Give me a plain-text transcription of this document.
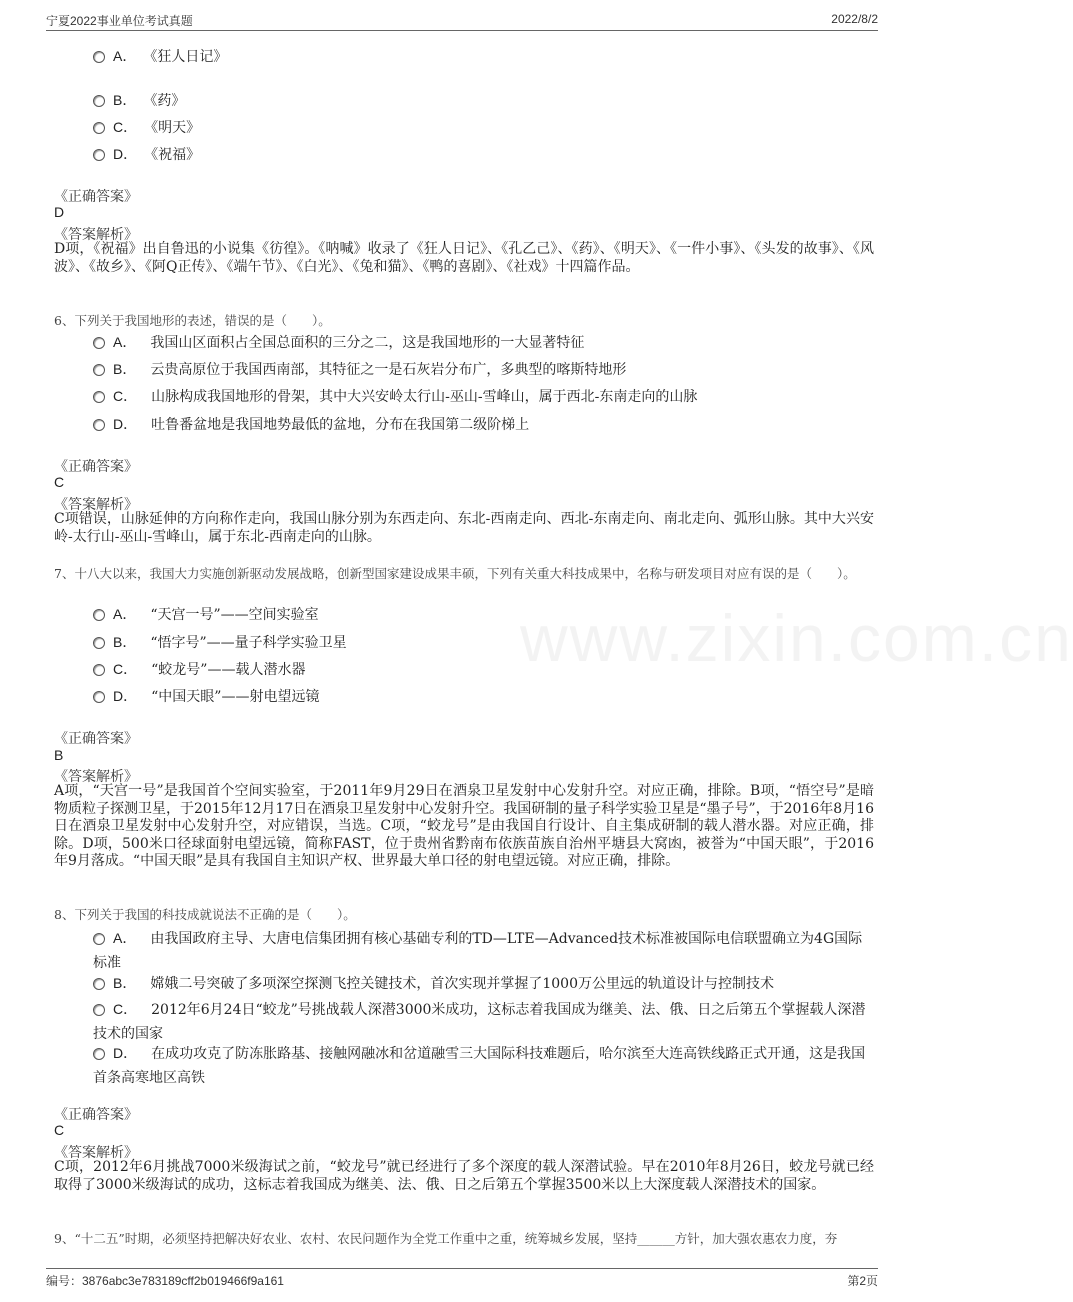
宁夏2022事业单位考试真题	2022/8/2
www.zixin.com.cn
A． 《狂人日记》
B． 《药》
C． 《明天》
D． 《祝福》
《正确答案》
D
《答案解析》
D项，《祝福》出自鲁迅的小说集《彷徨》。《呐喊》收录了《狂人日记》、《孔乙己》、《药》、《明天》、《一件小事》、《头发的故事》、《风波》、《故乡》、《阿Q正传》、《端午节》、《白光》、《兔和猫》、《鸭的喜剧》、《社戏》十四篇作品。
6、下列关于我国地形的表述，错误的是（　　）。
A． 我国山区面积占全国总面积的三分之二，这是我国地形的一大显著特征
B． 云贵高原位于我国西南部，其特征之一是石灰岩分布广，多典型的喀斯特地形
C． 山脉构成我国地形的骨架，其中大兴安岭太行山-巫山-雪峰山，属于西北-东南走向的山脉
D． 吐鲁番盆地是我国地势最低的盆地，分布在我国第二级阶梯上
《正确答案》
C
《答案解析》
C项错误，山脉延伸的方向称作走向，我国山脉分别为东西走向、东北-西南走向、西北-东南走向、南北走向、弧形山脉。其中大兴安岭-太行山-巫山-雪峰山，属于东北-西南走向的山脉。
7、十八大以来，我国大力实施创新驱动发展战略，创新型国家建设成果丰硕，下列有关重大科技成果中，名称与研发项目对应有误的是（　　）。
A． “天宫一号”——空间实验室
B． “悟字号”——量子科学实验卫星
C． “蛟龙号”——载人潜水器
D． “中国天眼”——射电望远镜
《正确答案》
B
《答案解析》
A项，“天宫一号”是我国首个空间实验室，于2011年9月29日在酒泉卫星发射中心发射升空。对应正确，排除。B项，“悟空号”是暗物质粒子探测卫星，于2015年12月17日在酒泉卫星发射中心发射升空。我国研制的量子科学实验卫星是“墨子号”，于2016年8月16日在酒泉卫星发射中心发射升空，对应错误，当选。C项，“蛟龙号”是由我国自行设计、自主集成研制的载人潜水器。对应正确，排除。D项，500米口径球面射电望远镜，简称FAST，位于贵州省黔南布依族苗族自治州平塘县大窝凼，被誉为“中国天眼”，于2016年9月落成。“中国天眼”是具有我国自主知识产权、世界最大单口径的射电望远镜。对应正确，排除。
8、下列关于我国的科技成就说法不正确的是（　　）。
A． 由我国政府主导、大唐电信集团拥有核心基础专利的TD—LTE—Advanced技术标准被国际电信联盟确立为4G国际标准
B． 嫦娥二号突破了多项深空探测飞控关键技术，首次实现并掌握了1000万公里远的轨道设计与控制技术
C． 2012年6月24日“蛟龙”号挑战载人深潜3000米成功，这标志着我国成为继美、法、俄、日之后第五个掌握载人深潜技术的国家
D． 在成功攻克了防冻胀路基、接触网融冰和岔道融雪三大国际科技难题后，哈尔滨至大连高铁线路正式开通，这是我国首条高寒地区高铁
《正确答案》
C
《答案解析》
C项，2012年6月挑战7000米级海试之前，“蛟龙号”就已经进行了多个深度的载人深潜试验。早在2010年8月26日，蛟龙号就已经取得了3000米级海试的成功，这标志着我国成为继美、法、俄、日之后第五个掌握3500米以上大深度载人深潜技术的国家。
9、“十二五”时期，必须坚持把解决好农业、农村、农民问题作为全党工作重中之重，统筹城乡发展，坚持______方针，加大强农惠农力度，夯
编号：3876abc3e783189cff2b019466f9a161	第2页
